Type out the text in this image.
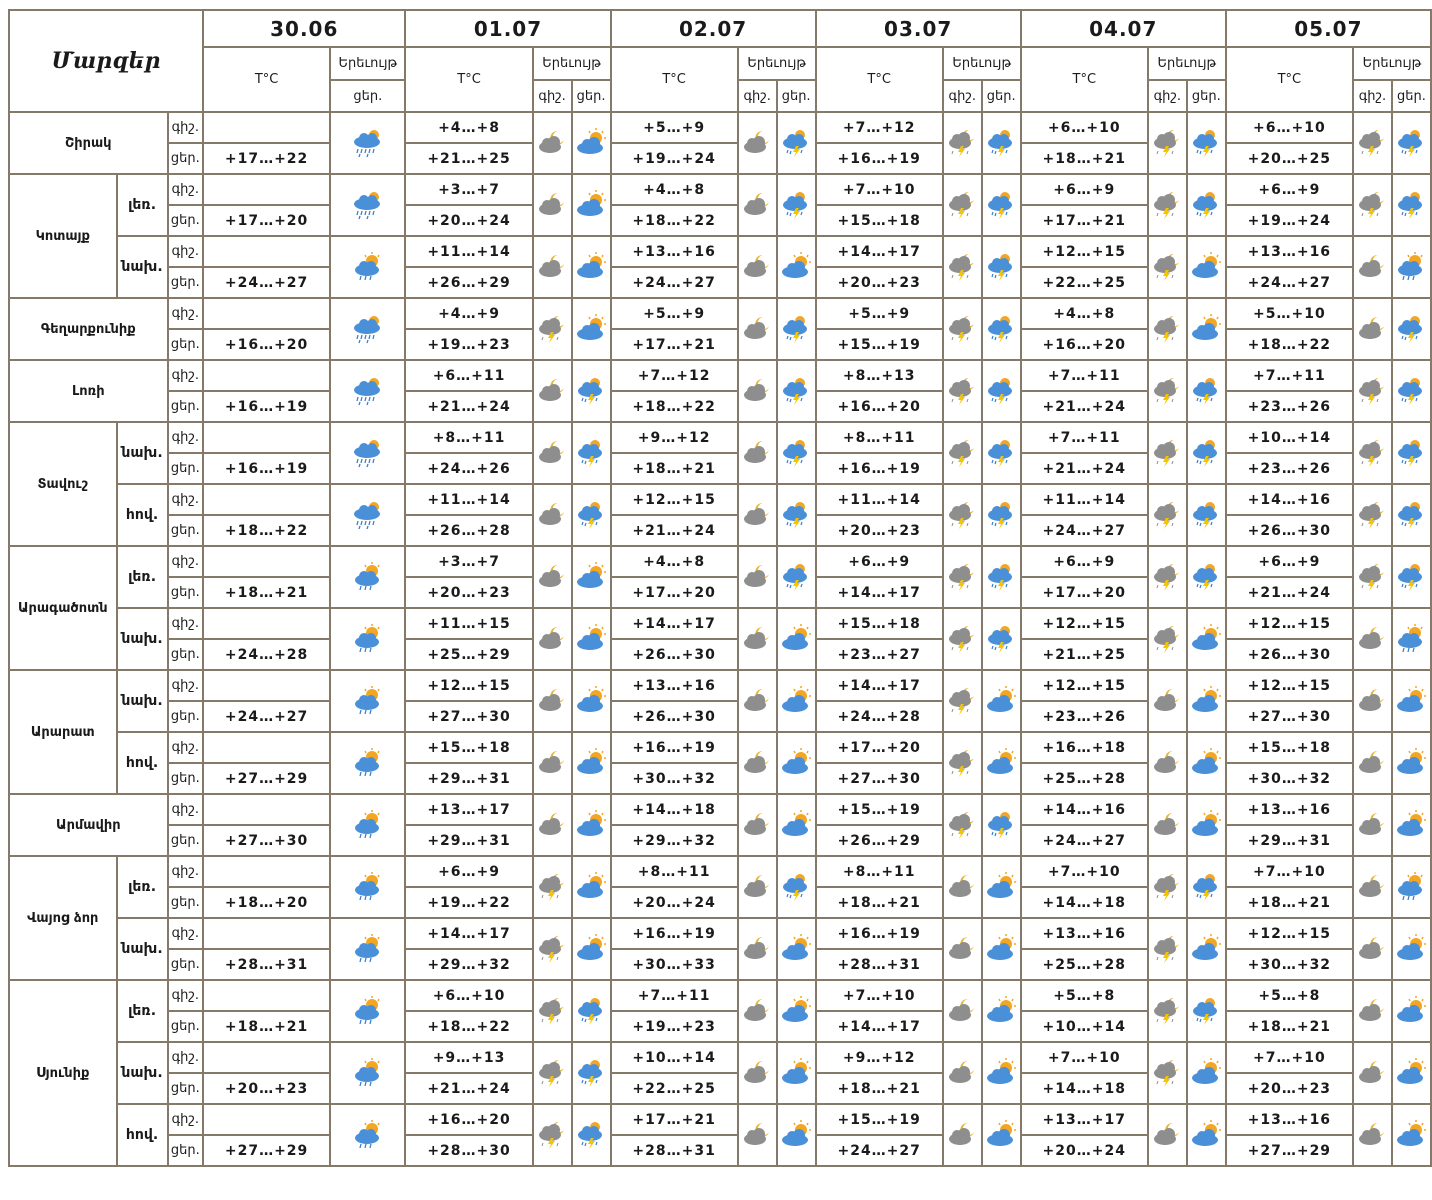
Մարզեր			30.06		01.07			02.07			03.07			04.07			05.07		
			T°C	Երեւույթ	T°C	Երեւույթ		T°C	Երեւույթ		T°C	Երեւույթ		T°C	Երեւույթ		T°C	Երեւույթ	
				ցեր.		գիշ.	ցեր.		գիշ.	ցեր.		գիշ.	ցեր.		գիշ.	ցեր.		գիշ.	ցեր.
Շիրակ		գիշ.			+4…+8			+5…+9			+7…+12			+6…+10			+6…+10	

		ցեր.	+17…+22		+21…+25			+19…+24			+16…+19			+18…+21			+20…+25		
Կոտայք	լեռ.	գիշ.			+3…+7			+4…+8			+7…+10			+6…+9			+6…+9	

		ցեր.	+17…+20		+20…+24			+18…+22			+15…+18			+17…+21			+19…+24		
	նախ.	գիշ.			+11…+14			+13…+16			+14…+17			+12…+15			+13…+16	

		ցեր.	+24…+27		+26…+29			+24…+27			+20…+23			+22…+25			+24…+27		
Գեղարքունիք		գիշ.			+4…+9			+5…+9			+5…+9			+4…+8			+5…+10	

		ցեր.	+16…+20		+19…+23			+17…+21			+15…+19			+16…+20			+18…+22		
Լոռի		գիշ.			+6…+11			+7…+12			+8…+13			+7…+11			+7…+11	

		ցեր.	+16…+19		+21…+24			+18…+22			+16…+20			+21…+24			+23…+26		
Տավուշ	նախ.	գիշ.			+8…+11			+9…+12			+8…+11			+7…+11			+10…+14	

		ցեր.	+16…+19		+24…+26			+18…+21			+16…+19			+21…+24			+23…+26		
	հով.	գիշ.			+11…+14			+12…+15			+11…+14			+11…+14			+14…+16	

		ցեր.	+18…+22		+26…+28			+21…+24			+20…+23			+24…+27			+26…+30		
Արագածոտն	լեռ.	գիշ.			+3…+7			+4…+8			+6…+9			+6…+9			+6…+9	

		ցեր.	+18…+21		+20…+23			+17…+20			+14…+17			+17…+20			+21…+24		
	նախ.	գիշ.			+11…+15			+14…+17			+15…+18			+12…+15			+12…+15	

		ցեր.	+24…+28		+25…+29			+26…+30			+23…+27			+21…+25			+26…+30		
Արարատ	նախ.	գիշ.			+12…+15			+13…+16			+14…+17			+12…+15			+12…+15	

		ցեր.	+24…+27		+27…+30			+26…+30			+24…+28			+23…+26			+27…+30		
	հով.	գիշ.			+15…+18			+16…+19			+17…+20			+16…+18			+15…+18	

		ցեր.	+27…+29		+29…+31			+30…+32			+27…+30			+25…+28			+30…+32		
Արմավիր		գիշ.			+13…+17			+14…+18			+15…+19			+14…+16			+13…+16	

		ցեր.	+27…+30		+29…+31			+29…+32			+26…+29			+24…+27			+29…+31		
Վայոց ձոր	լեռ.	գիշ.			+6…+9			+8…+11			+8…+11			+7…+10			+7…+10	

		ցեր.	+18…+20		+19…+22			+20…+24			+18…+21			+14…+18			+18…+21		
	նախ.	գիշ.			+14…+17			+16…+19			+16…+19			+13…+16			+12…+15	

		ցեր.	+28…+31		+29…+32			+30…+33			+28…+31			+25…+28			+30…+32		
Սյունիք	լեռ.	գիշ.			+6…+10			+7…+11			+7…+10			+5…+8			+5…+8	

		ցեր.	+18…+21		+18…+22			+19…+23			+14…+17			+10…+14			+18…+21		
	նախ.	գիշ.			+9…+13			+10…+14			+9…+12			+7…+10			+7…+10	

		ցեր.	+20…+23		+21…+24			+22…+25			+18…+21			+14…+18			+20…+23		
	հով.	գիշ.			+16…+20			+17…+21			+15…+19			+13…+17			+13…+16	

		ցեր.	+27…+29		+28…+30			+28…+31			+24…+27			+20…+24			+27…+29		
